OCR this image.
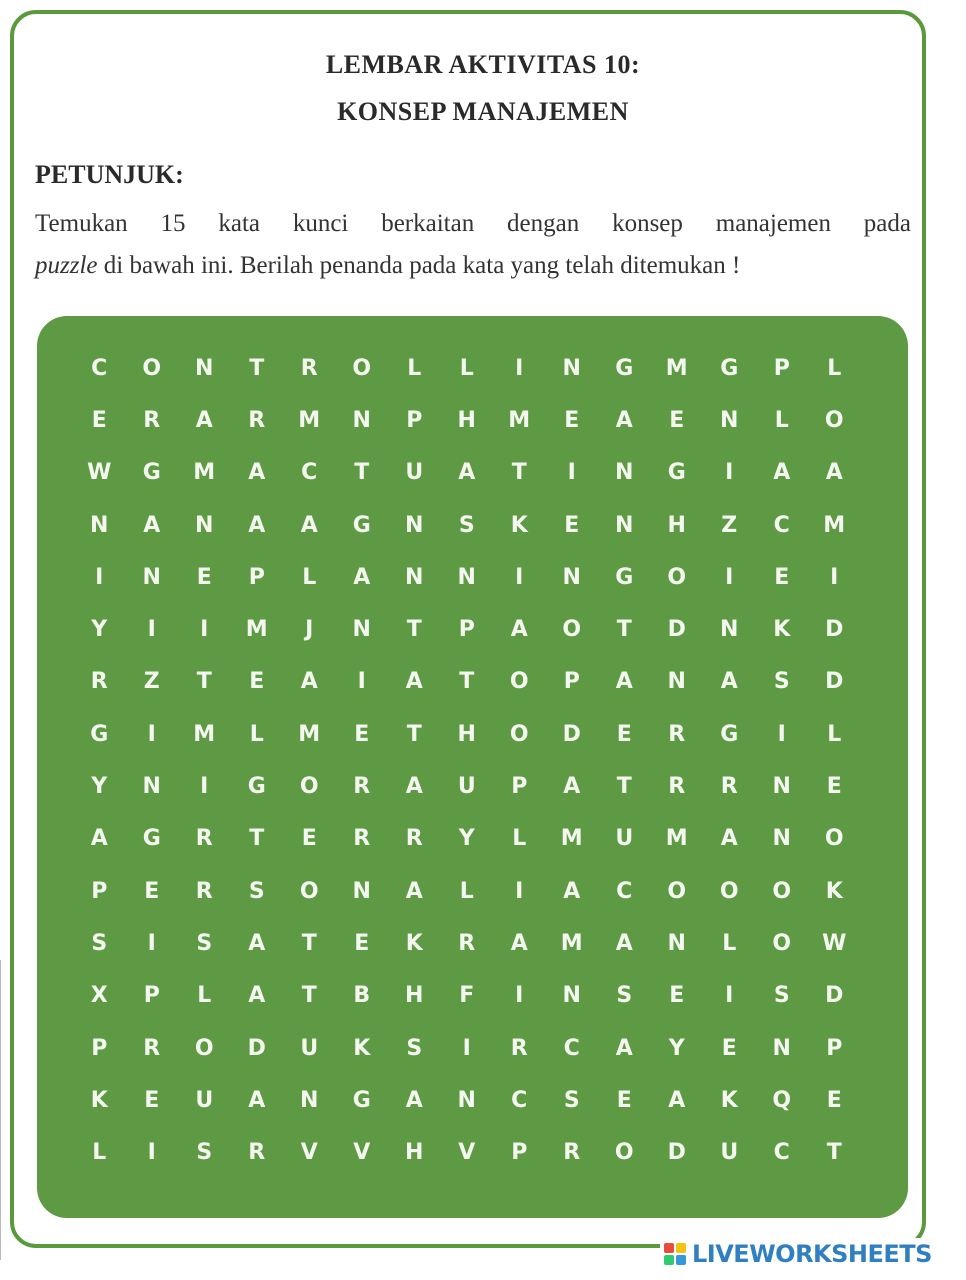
LEMBAR AKTIVITAS 10:
KONSEP MANAJEMEN
PETUNJUK:
Temukan 15 kata kunci berkaitan dengan konsep manajemen pada
puzzle di bawah ini. Berilah penanda pada kata yang telah ditemukan !
C	O	N	T	R	O	L	L	I	N	G	M	G	P	L
E	R	A	R	M	N	P	H	M	E	A	E	N	L	O
W	G	M	A	C	T	U	A	T	I	N	G	I	A	A
N	A	N	A	A	G	N	S	K	E	N	H	Z	C	M
I	N	E	P	L	A	N	N	I	N	G	O	I	E	I
Y	I	I	M	J	N	T	P	A	O	T	D	N	K	D
R	Z	T	E	A	I	A	T	O	P	A	N	A	S	D
G	I	M	L	M	E	T	H	O	D	E	R	G	I	L
Y	N	I	G	O	R	A	U	P	A	T	R	R	N	E
A	G	R	T	E	R	R	Y	L	M	U	M	A	N	O
P	E	R	S	O	N	A	L	I	A	C	O	O	O	K
S	I	S	A	T	E	K	R	A	M	A	N	L	O	W
X	P	L	A	T	B	H	F	I	N	S	E	I	S	D
P	R	O	D	U	K	S	I	R	C	A	Y	E	N	P
K	E	U	A	N	G	A	N	C	S	E	A	K	Q	E
L	I	S	R	V	V	H	V	P	R	O	D	U	C	T
LIVEWORKSHEETS
